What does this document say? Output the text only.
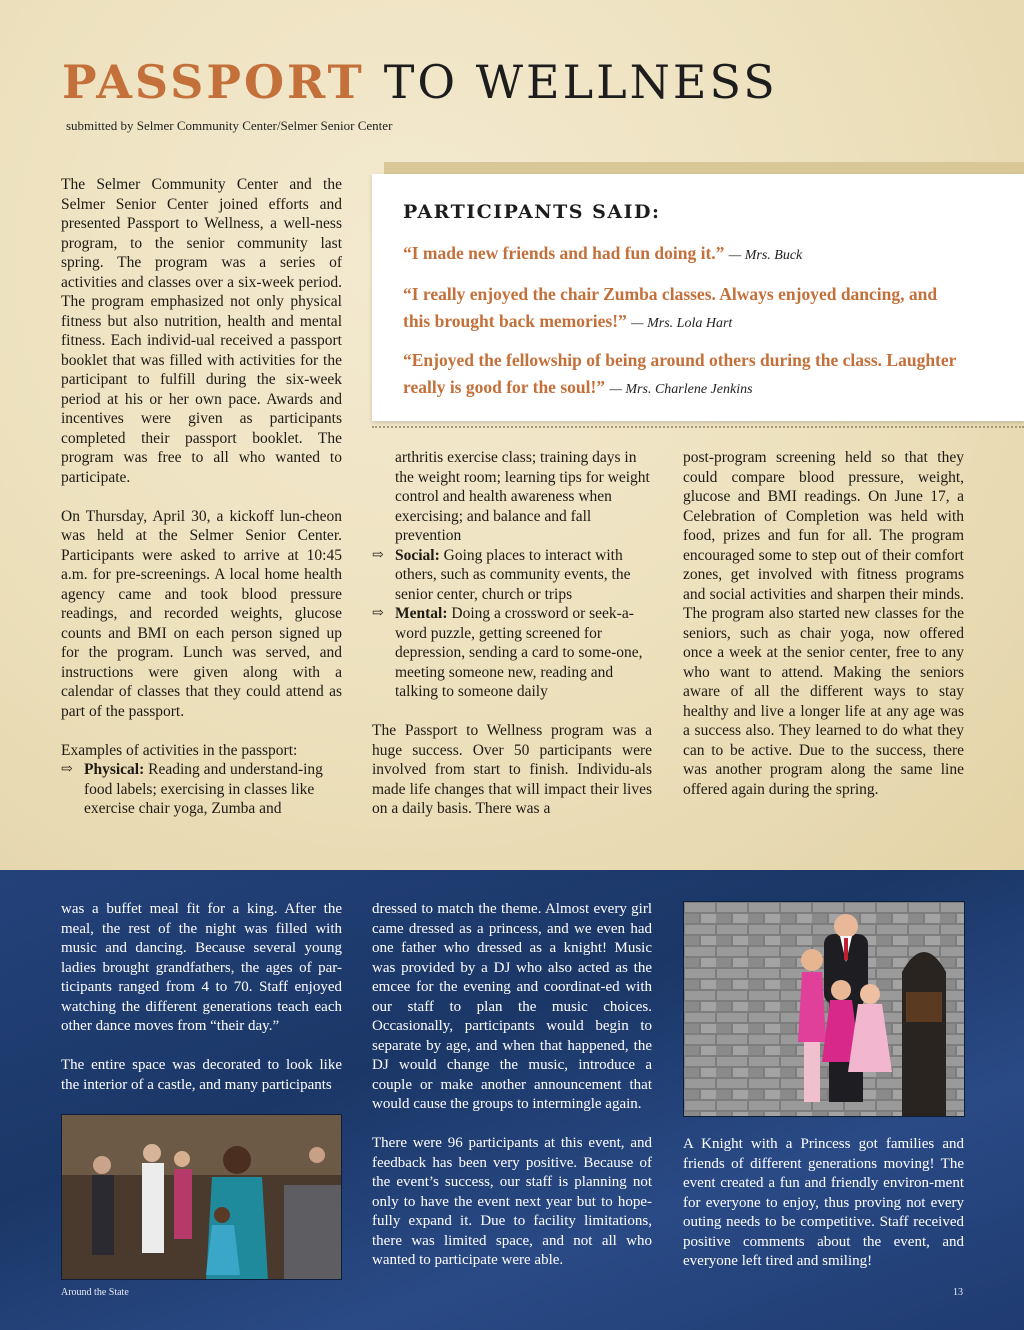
PASSPORT TO WELLNESS
submitted by Selmer Community Center/Selmer Senior Center

The Selmer Community Center and the Selmer Senior Center joined efforts and presented Passport to Wellness, a well-ness program, to the senior community last spring. The program was a series of activities and classes over a six-week period. The program emphasized not only physical fitness but also nutrition, health and mental fitness. Each individ-ual received a passport booklet that was filled with activities for the participant to fulfill during the six-week period at his or her own pace. Awards and incentives were given as participants completed their passport booklet. The program was free to all who wanted to participate.

On Thursday, April 30, a kickoff lun-cheon was held at the Selmer Senior Center. Participants were asked to arrive at 10:45 a.m. for pre-screenings. A local home health agency came and took blood pressure readings, and recorded weights, glucose counts and BMI on each person signed up for the program. Lunch was served, and instructions were given along with a calendar of classes that they could attend as part of the passport.

Examples of activities in the passport:

⇨ Physical: Reading and understand-ing food labels; exercising in classes like exercise chair yoga, Zumba and
PARTICIPANTS SAID:
“I made new friends and had fun doing it.” — Mrs. Buck
“I really enjoyed the chair Zumba classes. Always enjoyed dancing, and this brought back memories!” — Mrs. Lola Hart
“Enjoyed the fellowship of being around others during the class. Laughter really is good for the soul!” — Mrs. Charlene Jenkins
arthritis exercise class; training days in the weight room; learning tips for weight control and health awareness when exercising; and balance and fall prevention
⇨ Social: Going places to interact with others, such as community events, the senior center, church or trips
⇨ Mental: Doing a crossword or seek-a-word puzzle, getting screened for depression, sending a card to some-one, meeting someone new, reading and talking to someone daily

The Passport to Wellness program was a huge success. Over 50 participants were involved from start to finish. Individu-als made life changes that will impact their lives on a daily basis. There was a

post-program screening held so that they could compare blood pressure, weight, glucose and BMI readings. On June 17, a Celebration of Completion was held with food, prizes and fun for all. The program encouraged some to step out of their comfort zones, get involved with fitness programs and social activities and sharpen their minds. The program also started new classes for the seniors, such as chair yoga, now offered once a week at the senior center, free to any who want to attend. Making the seniors aware of all the different ways to stay healthy and live a longer life at any age was a success also. They learned to do what they can to be active. Due to the success, there was another program along the same line offered again during the spring.

was a buffet meal fit for a king. After the meal, the rest of the night was filled with music and dancing. Because several young ladies brought grandfathers, the ages of par-ticipants ranged from 4 to 70. Staff enjoyed watching the different generations teach each other dance moves from “their day.”

The entire space was decorated to look like the interior of a castle, and many participants

dressed to match the theme. Almost every girl came dressed as a princess, and we even had one father who dressed as a knight! Music was provided by a DJ who also acted as the emcee for the evening and coordinat-ed with our staff to plan the music choices. Occasionally, participants would begin to separate by age, and when that happened, the DJ would change the music, introduce a couple or make another announcement that would cause the groups to intermingle again.

There were 96 participants at this event, and feedback has been very positive. Because of the event’s success, our staff is planning not only to have the event next year but to hope-fully expand it. Due to facility limitations, there was limited space, and not all who wanted to participate were able.

A Knight with a Princess got families and friends of different generations moving! The event created a fun and friendly environ-ment for everyone to enjoy, thus proving not every outing needs to be competitive. Staff received positive comments about the event, and everyone left tired and smiling!

Around the State	13
